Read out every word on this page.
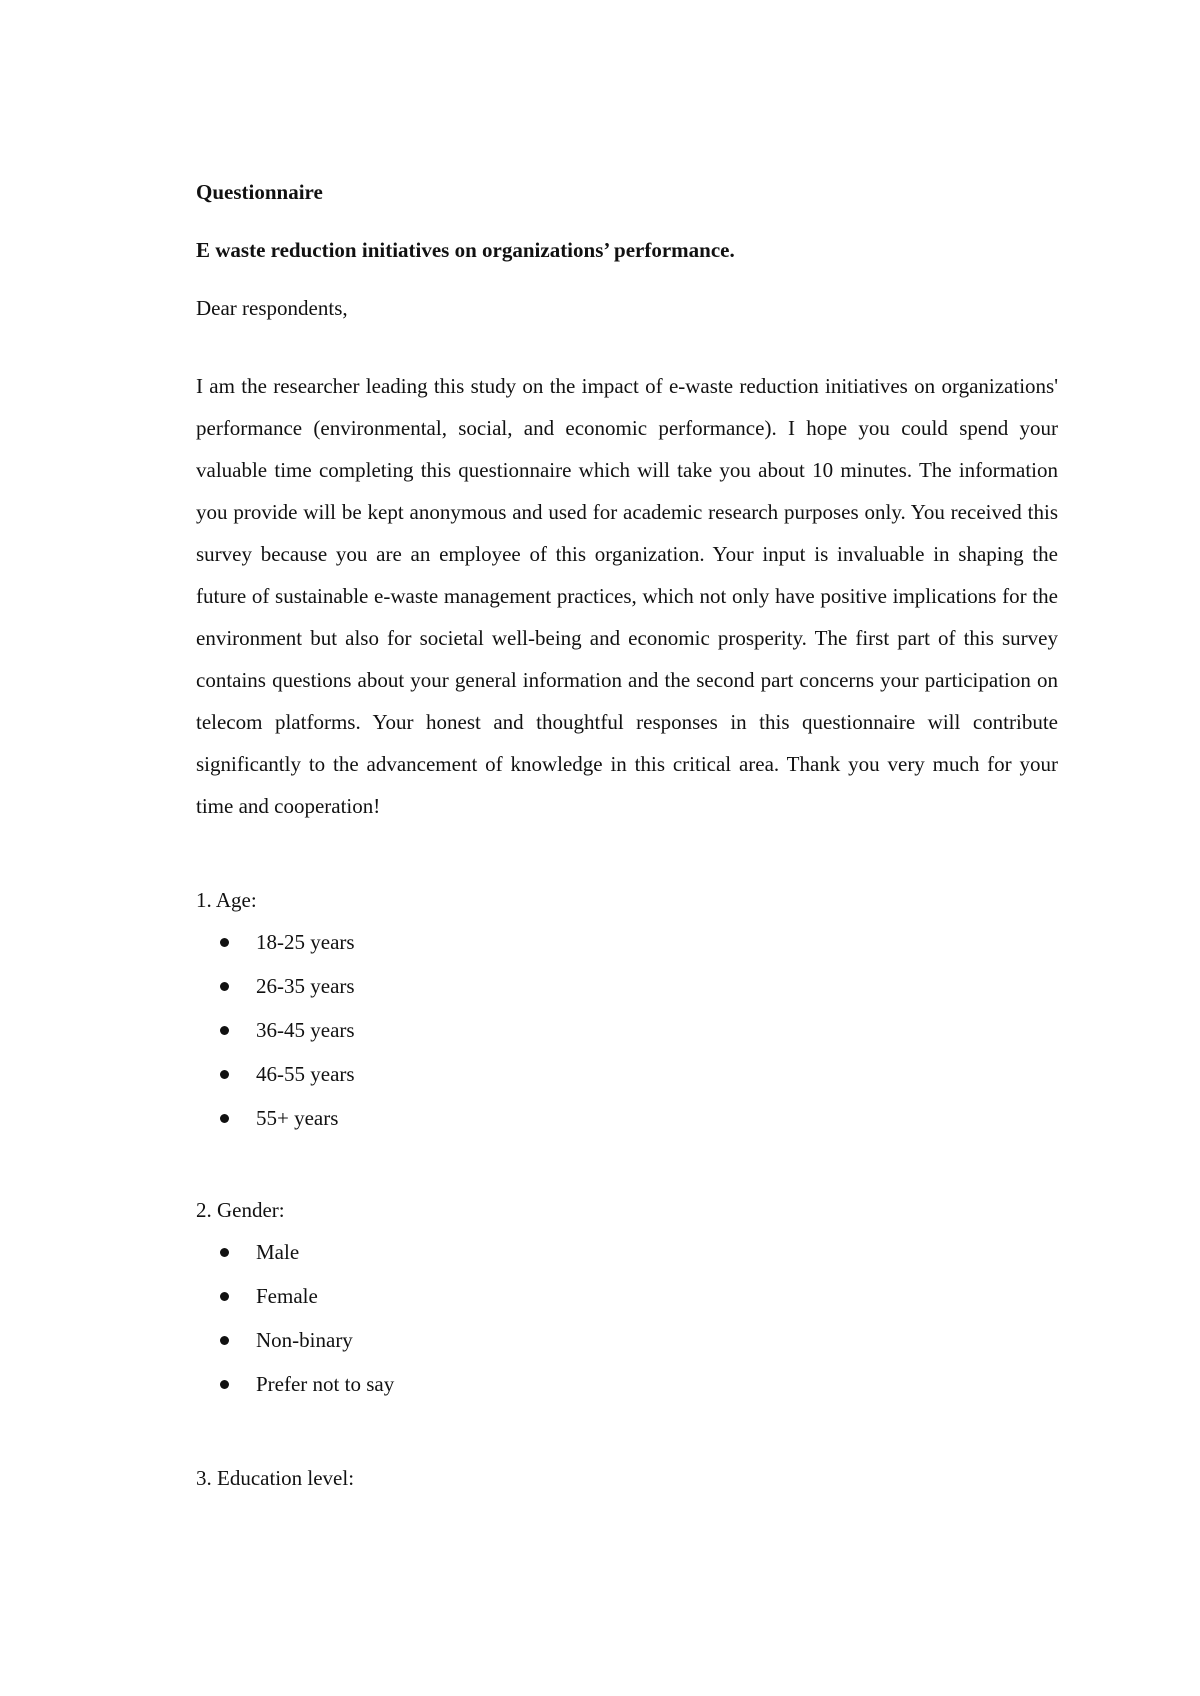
Questionnaire

E waste reduction initiatives on organizations’ performance.

Dear respondents,

I am the researcher leading this study on the impact of e-waste reduction initiatives on organizations' performance (environmental, social, and economic performance). I hope you could spend your valuable time completing this questionnaire which will take you about 10 minutes. The information you provide will be kept anonymous and used for academic research purposes only. You received this survey because you are an employee of this organization. Your input is invaluable in shaping the future of sustainable e-waste management practices, which not only have positive implications for the environment but also for societal well-being and economic prosperity. The first part of this survey contains questions about your general information and the second part concerns your participation on telecom platforms. Your honest and thoughtful responses in this questionnaire will contribute significantly to the advancement of knowledge in this critical area. Thank you very much for your time and cooperation!

1. Age:

18-25 years
26-35 years
36-45 years
46-55 years
55+ years

2. Gender:

Male
Female
Non-binary
Prefer not to say

3. Education level:
